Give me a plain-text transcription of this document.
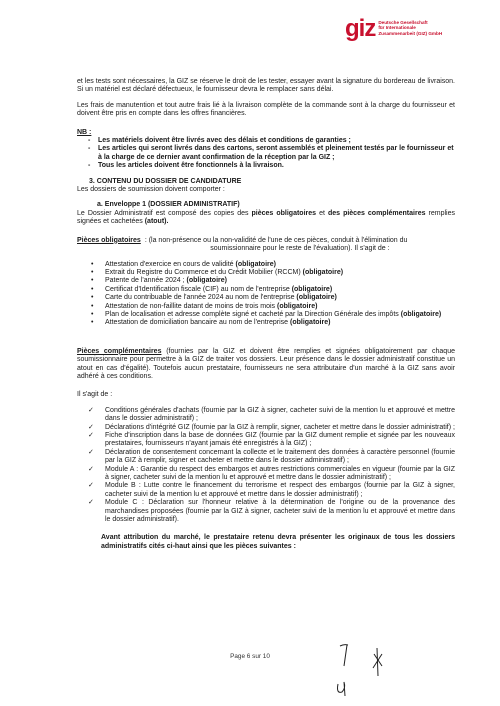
giz Deutsche Gesellschaft
für Internationale
Zusammenarbeit (GIZ) GmbH

et les tests sont nécessaires, la GIZ se réserve le droit de les tester, essayer avant la signature du bordereau de livraison. Si un matériel est déclaré défectueux, le fournisseur devra le remplacer sans délai.

Les frais de manutention et tout autre frais lié à la livraison complète de la commande sont à la charge du fournisseur et doivent être pris en compte dans les offres financières.

NB :
- Les matériels doivent être livrés avec des délais et conditions de garanties ;
- Les articles qui seront livrés dans des cartons, seront assemblés et pleinement testés par le fournisseur et à la charge de ce dernier avant confirmation de la réception par la GIZ ;
- Tous les articles doivent être fonctionnels à la livraison.
3. CONTENU DU DOSSIER DE CANDIDATURE

Les dossiers de soumission doivent comporter :

a. Enveloppe 1 (DOSSIER ADMINISTRATIF)

Le Dossier Administratif est composé des copies des pièces obligatoires et des pièces complémentaires remplies signées et cachetées (atout).

Pièces obligatoires : (la non-présence ou la non-validité de l'une de ces pièces, conduit à l'élimination du
soumissionnaire pour le reste de l'évaluation). Il s'agit de :
• Attestation d'exercice en cours de validité (obligatoire)
• Extrait du Registre du Commerce et du Crédit Mobilier (RCCM) (obligatoire)
• Patente de l'année 2024 ; (obligatoire)
• Certificat d'Identification fiscale (CIF) au nom de l'entreprise (obligatoire)
• Carte du contribuable de l'année 2024 au nom de l'entreprise (obligatoire)
• Attestation de non-faillite datant de moins de trois mois (obligatoire)
• Plan de localisation et adresse complète signé et cacheté par la Direction Générale des impôts (obligatoire)
• Attestation de domiciliation bancaire au nom de l'entreprise (obligatoire)

Pièces complémentaires (fournies par la GIZ et doivent être remplies et signées obligatoirement par chaque soumissionnaire pour permettre à la GIZ de traiter vos dossiers. Leur présence dans le dossier administratif constitue un atout en cas d'égalité). Toutefois aucun prestataire, fournisseurs ne sera attributaire d'un marché à la GIZ sans avoir adhéré à ces conditions.

Il s'agit de :

✓ Conditions générales d'achats (fournie par la GIZ à signer, cacheter suivi de la mention lu et approuvé et mettre dans le dossier administratif) ;
✓ Déclarations d'intégrité GIZ (fournie par la GIZ à remplir, signer, cacheter et mettre dans le dossier administratif) ;
✓ Fiche d'inscription dans la base de données GIZ (fournie par la GIZ dument remplie et signée par les nouveaux prestataires, fournisseurs n'ayant jamais été enregistrés à la GIZ) ;
✓ Déclaration de consentement concernant la collecte et le traitement des données à caractère personnel (fournie par la GIZ à remplir, signer et cacheter et mettre dans le dossier administratif) ;
✓ Module A : Garantie du respect des embargos et autres restrictions commerciales en vigueur (fournie par la GIZ à signer, cacheter suivi de la mention lu et approuvé et mettre dans le dossier administratif) ;
✓ Module B : Lutte contre le financement du terrorisme et respect des embargos (fournie par la GIZ à signer, cacheter suivi de la mention lu et approuvé et mettre dans le dossier administratif) ;
✓ Module C : Déclaration sur l'honneur relative à la détermination de l'origine ou de la provenance des marchandises proposées (fournie par la GIZ à signer, cacheter suivi de la mention lu et approuvé et mettre dans le dossier administratif).

Avant attribution du marché, le prestataire retenu devra présenter les originaux de tous les dossiers administratifs cités ci-haut ainsi que les pièces suivantes :

Page 6 sur 10
